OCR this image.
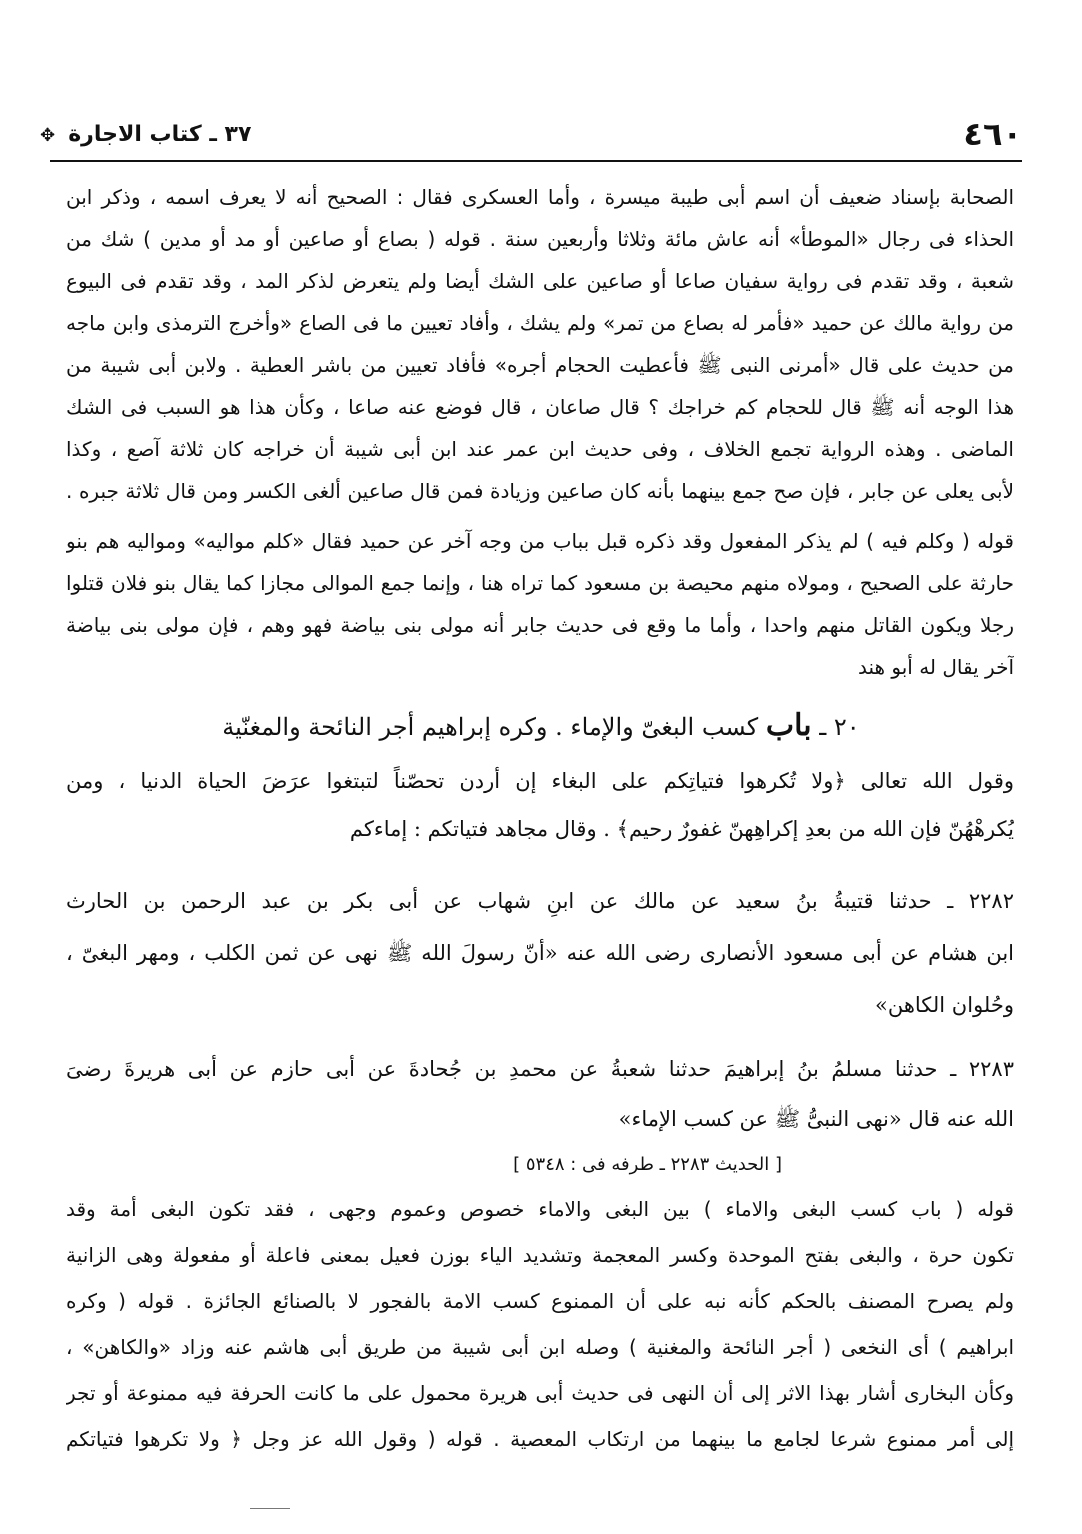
٤٦٠
٣٧ ـ كتاب الاجارة ✥
الصحابة بإسناد ضعيف أن اسم أبى طيبة ميسرة ، وأما العسكرى فقال : الصحيح أنه لا يعرف اسمه ، وذكر ابن
الحذاء فى رجال «الموطأ» أنه عاش مائة وثلاثا وأربعين سنة . قوله ( بصاع أو صاعين أو مد أو مدين ) شك من
شعبة ، وقد تقدم فى رواية سفيان صاعا أو صاعين على الشك أيضا ولم يتعرض لذكر المد ، وقد تقدم فى البيوع
من رواية مالك عن حميد «فأمر له بصاع من تمر» ولم يشك ، وأفاد تعيين ما فى الصاع «وأخرج الترمذى وابن ماجه
من حديث على قال «أمرنى النبى ﷺ فأعطيت الحجام أجره» فأفاد تعيين من باشر العطية . ولابن أبى شيبة من
هذا الوجه أنه ﷺ قال للحجام كم خراجك ؟ قال صاعان ، قال فوضع عنه صاعا ، وكأن هذا هو السبب فى الشك
الماضى . وهذه الرواية تجمع الخلاف ، وفى حديث ابن عمر عند ابن أبى شيبة أن خراجه كان ثلاثة آصع ، وكذا
لأبى يعلى عن جابر ، فإن صح جمع بينهما بأنه كان صاعين وزيادة فمن قال صاعين ألغى الكسر ومن قال ثلاثة جبره .
قوله ( وكلم فيه ) لم يذكر المفعول وقد ذكره قبل بباب من وجه آخر عن حميد فقال «كلم مواليه» ومواليه هم بنو
حارثة على الصحيح ، ومولاه منهم محيصة بن مسعود كما تراه هنا ، وإنما جمع الموالى مجازا كما يقال بنو فلان قتلوا
رجلا ويكون القاتل منهم واحدا ، وأما ما وقع فى حديث جابر أنه مولى بنى بياضة فهو وهم ، فإن مولى بنى بياضة
آخر يقال له أبو هند
٢٠ ـ باب كسب البغىّ والإماء . وكره إبراهيم أجر النائحة والمغنّية
وقول الله تعالى ﴿ولا تُكرهوا فتياتِكم على البغاء إن أردن تحصّناً لتبتغوا عرَضَ الحياة الدنيا ، ومن
يُكرهْهُنّ فإن الله من بعدِ إكراهِهنّ غفورٌ رحيم﴾ . وقال مجاهد فتياتكم : إماءكم
٢٢٨٢ ـ حدثنا قتيبةُ بنُ سعيد عن مالك عن ابنِ شهاب عن أبى بكر بن عبد الرحمن بن الحارث
ابن هشام عن أبى مسعود الأنصارى رضى الله عنه «أنّ رسولَ الله ﷺ نهى عن ثمن الكلب ، ومهر البغىّ ،
وحُلوان الكاهن»
٢٢٨٣ ـ حدثنا مسلمُ بنُ إبراهيمَ حدثنا شعبةُ عن محمدِ بن جُحادةَ عن أبى حازم عن أبى هريرةَ رضىَ
الله عنه قال «نهى النبىُّ ﷺ عن كسب الإماء»
[ الحديث ٢٢٨٣ ـ طرفه فى : ٥٣٤٨ ]
قوله ( باب كسب البغى والاماء ) بين البغى والاماء خصوص وعموم وجهى ، فقد تكون البغى أمة وقد
تكون حرة ، والبغى بفتح الموحدة وكسر المعجمة وتشديد الياء بوزن فعيل بمعنى فاعلة أو مفعولة وهى الزانية
ولم يصرح المصنف بالحكم كأنه نبه على أن الممنوع كسب الامة بالفجور لا بالصنائع الجائزة . قوله ( وكره
ابراهيم ) أى النخعى ( أجر النائحة والمغنية ) وصله ابن أبى شيبة من طريق أبى هاشم عنه وزاد «والكاهن» ،
وكأن البخارى أشار بهذا الاثر إلى أن النهى فى حديث أبى هريرة محمول على ما كانت الحرفة فيه ممنوعة أو تجر
إلى أمر ممنوع شرعا لجامع ما بينهما من ارتكاب المعصية . قوله ( وقول الله عز وجل ﴿ ولا تكرهوا فتياتكم
